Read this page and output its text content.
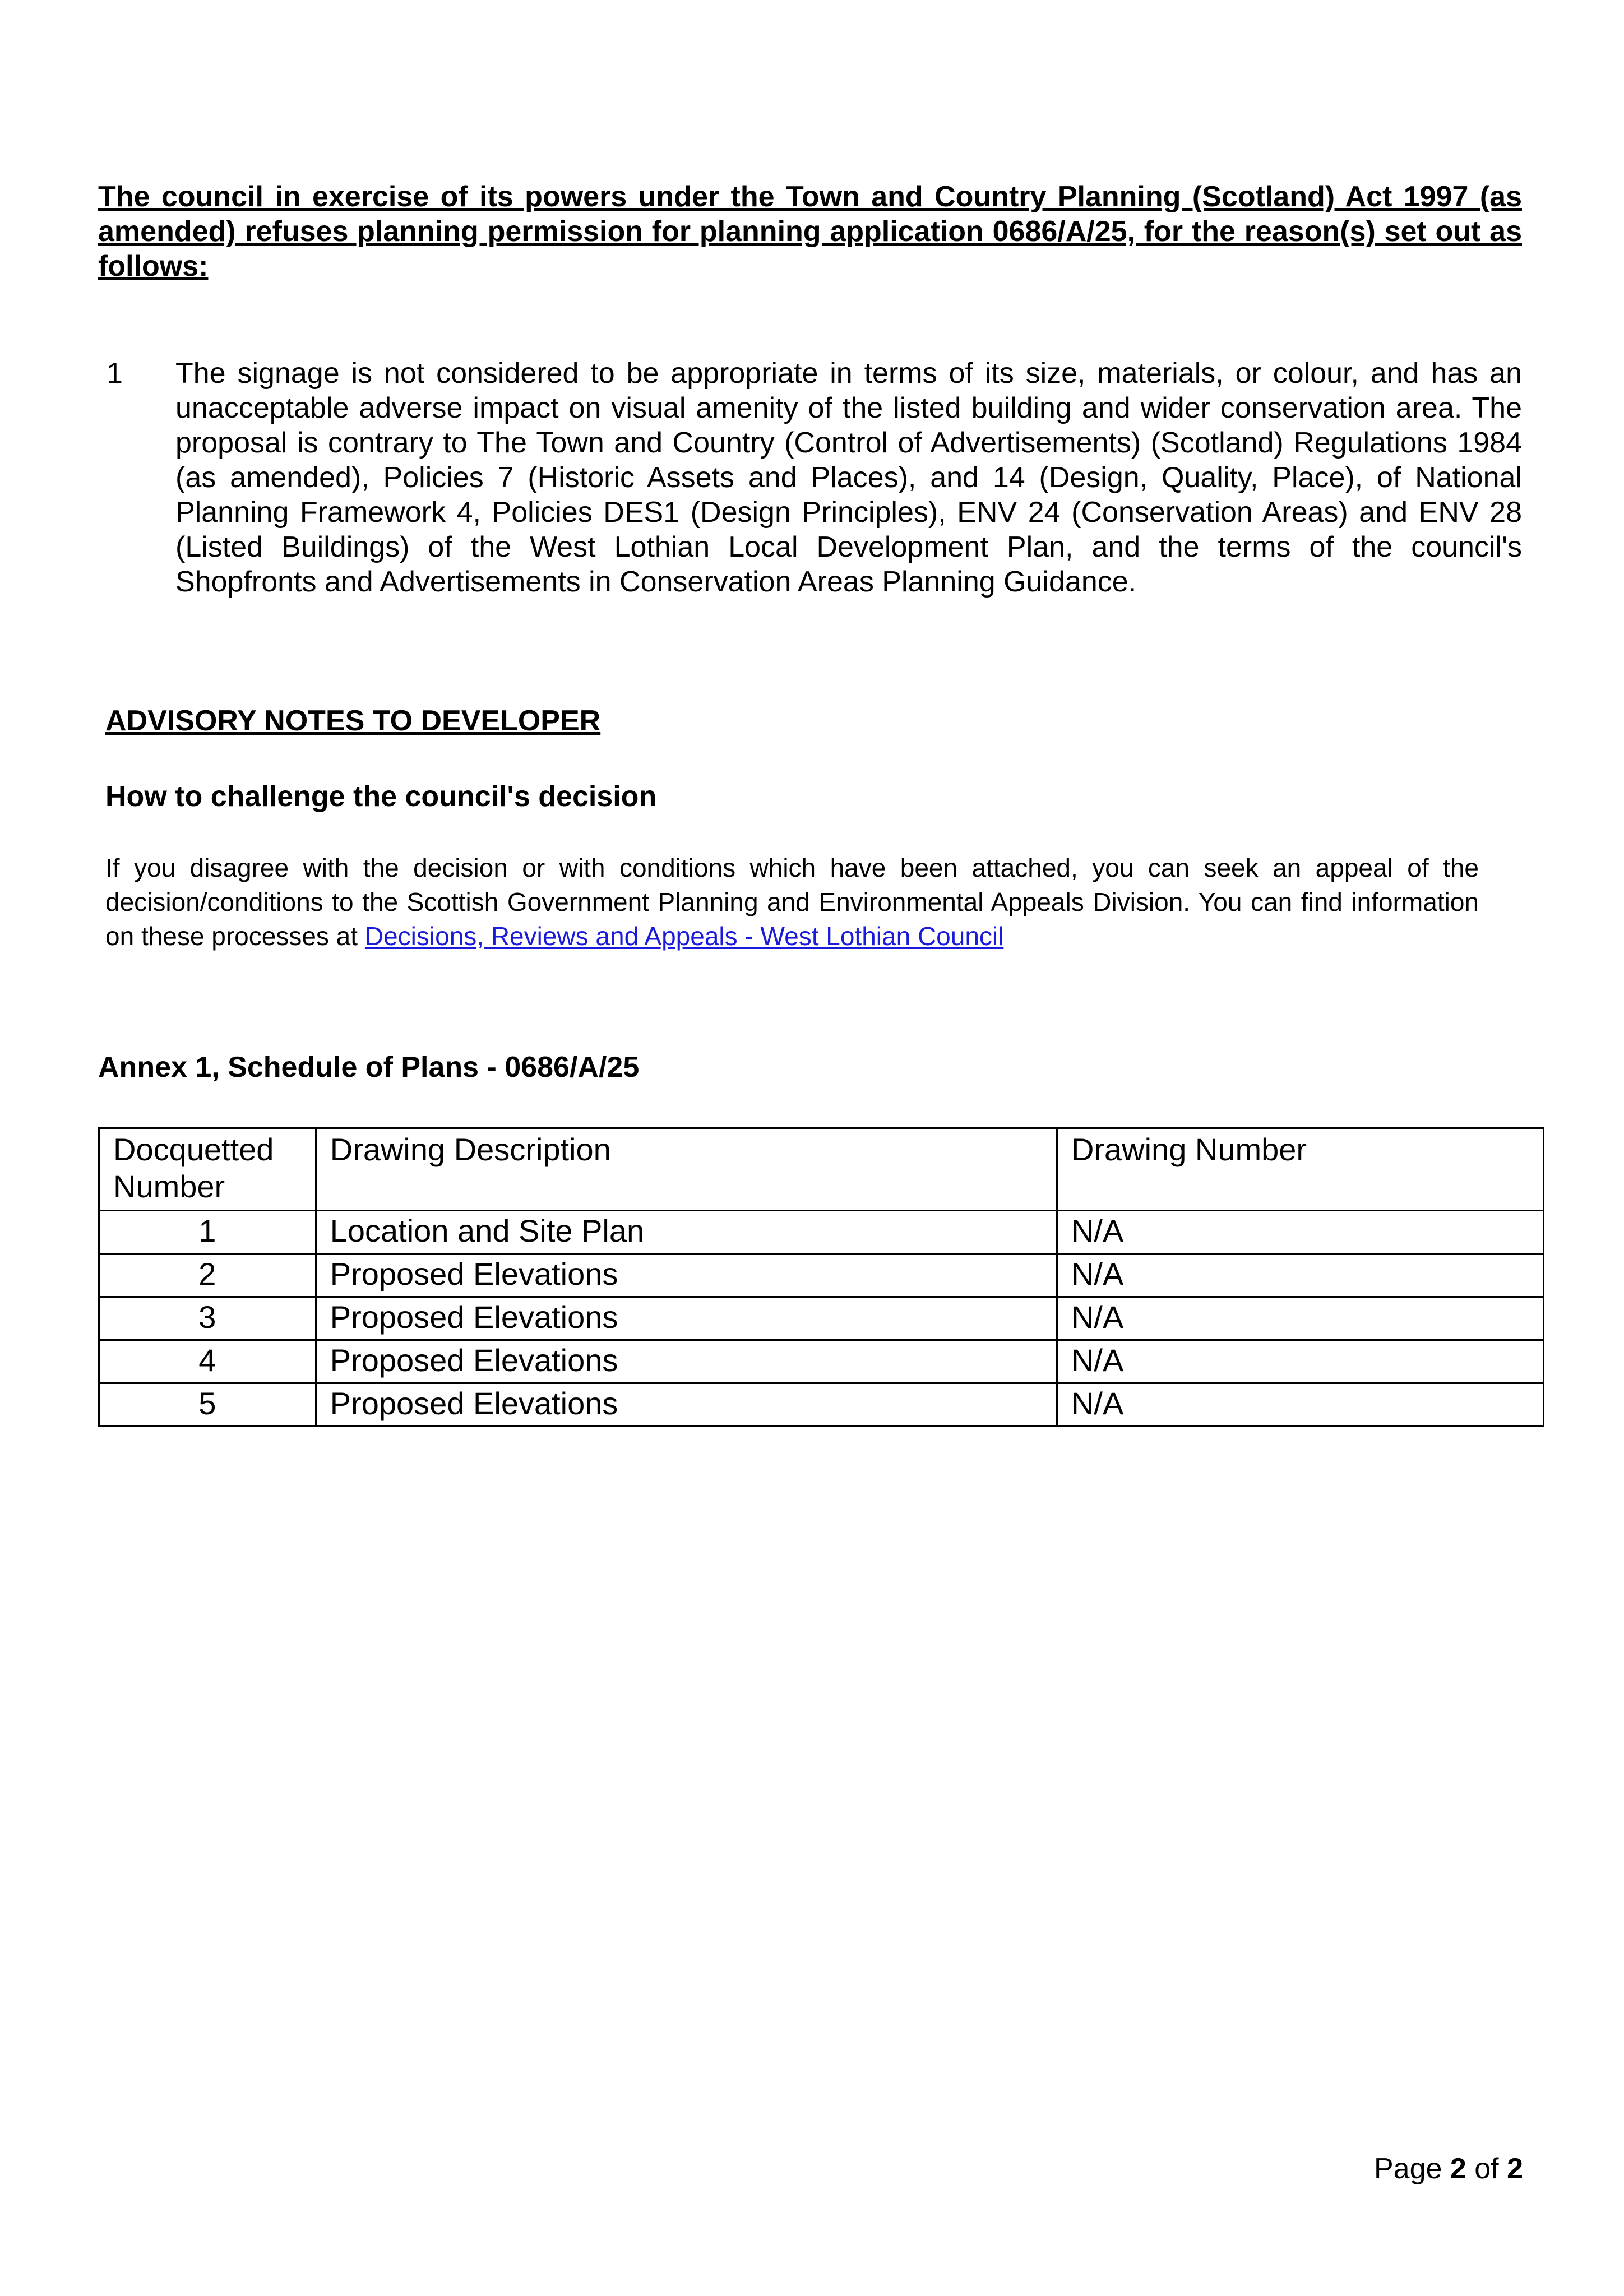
The council in exercise of its powers under the Town and Country Planning (Scotland) Act 1997 (as amended) refuses planning permission for planning application 0686/A/25, for the reason(s) set out as follows:
1 The signage is not considered to be appropriate in terms of its size, materials, or colour, and has an unacceptable adverse impact on visual amenity of the listed building and wider conservation area. The proposal is contrary to The Town and Country (Control of Advertisements) (Scotland) Regulations 1984 (as amended), Policies 7 (Historic Assets and Places), and 14 (Design, Quality, Place), of National Planning Framework 4, Policies DES1 (Design Principles), ENV 24 (Conservation Areas) and ENV 28 (Listed Buildings) of the West Lothian Local Development Plan, and the terms of the council's Shopfronts and Advertisements in Conservation Areas Planning Guidance.
ADVISORY NOTES TO DEVELOPER
How to challenge the council's decision
If you disagree with the decision or with conditions which have been attached, you can seek an appeal of the decision/conditions to the Scottish Government Planning and Environmental Appeals Division. You can find information on these processes at Decisions, Reviews and Appeals - West Lothian Council
Annex 1, Schedule of Plans - 0686/A/25
Docquetted Number	Drawing Description	Drawing Number
1	Location and Site Plan	N/A
2	Proposed Elevations	N/A
3	Proposed Elevations	N/A
4	Proposed Elevations	N/A
5	Proposed Elevations	N/A
Page 2 of 2
